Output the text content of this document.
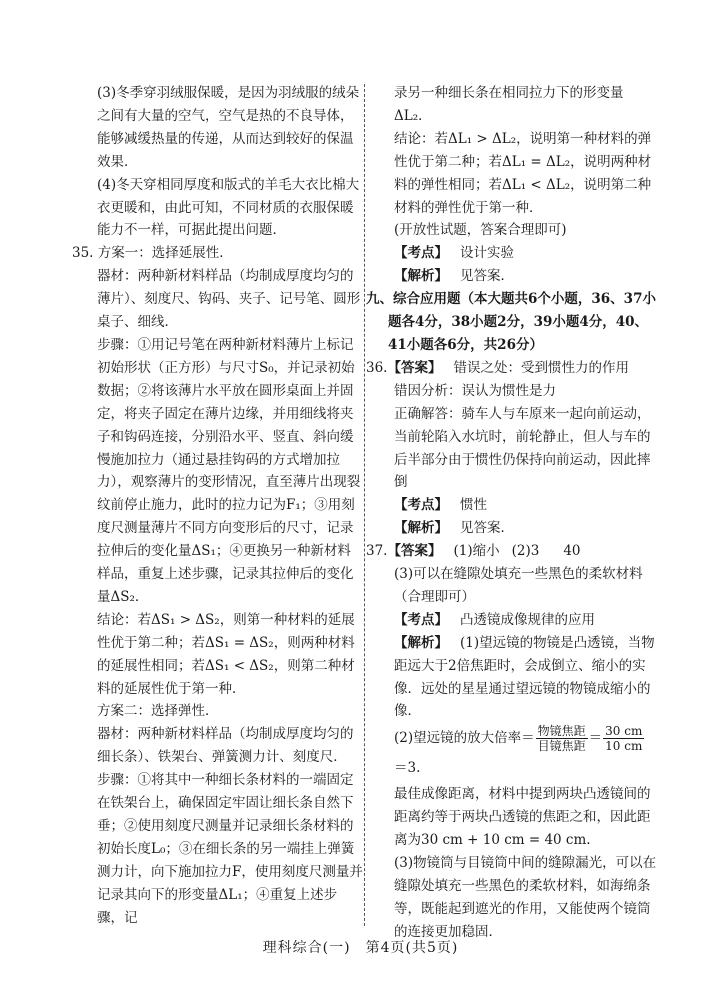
(3)冬季穿羽绒服保暖，是因为羽绒服的绒朵之间有大量的空气，空气是热的不良导体，能够减缓热量的传递，从而达到较好的保温效果．

(4)冬天穿相同厚度和版式的羊毛大衣比棉大衣更暖和，由此可知，不同材质的衣服保暖能力不一样，可据此提出问题．

35. 方案一：选择延展性．

器材：两种新材料样品（均制成厚度均匀的薄片）、刻度尺、钩码、夹子、记号笔、圆形桌子、细线．

步骤：①用记号笔在两种新材料薄片上标记初始形状（正方形）与尺寸S₀，并记录初始数据；②将该薄片水平放在圆形桌面上并固定，将夹子固定在薄片边缘，并用细线将夹子和钩码连接，分别沿水平、竖直、斜向缓慢施加拉力（通过悬挂钩码的方式增加拉力），观察薄片的变形情况，直至薄片出现裂纹前停止施力，此时的拉力记为F₁；③用刻度尺测量薄片不同方向变形后的尺寸，记录拉伸后的变化量ΔS₁；④更换另一种新材料样品，重复上述步骤，记录其拉伸后的变化量ΔS₂．

结论：若ΔS₁ > ΔS₂，则第一种材料的延展性优于第二种；若ΔS₁ = ΔS₂，则两种材料的延展性相同；若ΔS₁ < ΔS₂，则第二种材料的延展性优于第一种．

方案二：选择弹性．

器材：两种新材料样品（均制成厚度均匀的细长条）、铁架台、弹簧测力计、刻度尺．

步骤：①将其中一种细长条材料的一端固定在铁架台上，确保固定牢固让细长条自然下垂；②使用刻度尺测量并记录细长条材料的初始长度L₀；③在细长条的另一端挂上弹簧测力计，向下施加拉力F，使用刻度尺测量并记录其向下的形变量ΔL₁；④重复上述步骤，记

录另一种细长条在相同拉力下的形变量ΔL₂．

结论：若ΔL₁ > ΔL₂，说明第一种材料的弹性优于第二种；若ΔL₁ = ΔL₂，说明两种材料的弹性相同；若ΔL₁ < ΔL₂，说明第二种材料的弹性优于第一种．

(开放性试题，答案合理即可)

【考点】 设计实验

【解析】 见答案．

九、综合应用题（本大题共6个小题，36、37小题各4分，38小题2分，39小题4分，40、41小题各6分，共26分）

36.【答案】 错误之处：受到惯性力的作用

错因分析：误认为惯性是力

正确解答：骑车人与车原来一起向前运动，当前轮陷入水坑时，前轮静止，但人与车的后半部分由于惯性仍保持向前运动，因此摔倒

【考点】 惯性

【解析】 见答案．

37.【答案】 (1)缩小 (2)3 40

(3)可以在缝隙处填充一些黑色的柔软材料（合理即可）

【考点】 凸透镜成像规律的应用

【解析】 (1)望远镜的物镜是凸透镜，当物距远大于2倍焦距时，会成倒立、缩小的实像．远处的星星通过望远镜的物镜成缩小的像．

(2)望远镜的放大倍率＝ $\frac{\text{物镜焦距}}{\text{目镜焦距}} = \frac{30 cm}{10 cm}$
＝3.

最佳成像距离，材料中提到两块凸透镜间的距离约等于两块凸透镜的焦距之和，因此距离为30 cm + 10 cm = 40 cm.

(3)物镜筒与目镜筒中间的缝隙漏光，可以在缝隙处填充一些黑色的柔软材料，如海绵条等，既能起到遮光的作用，又能使两个镜筒的连接更加稳固．

理科综合(一)　第4页(共5页)
